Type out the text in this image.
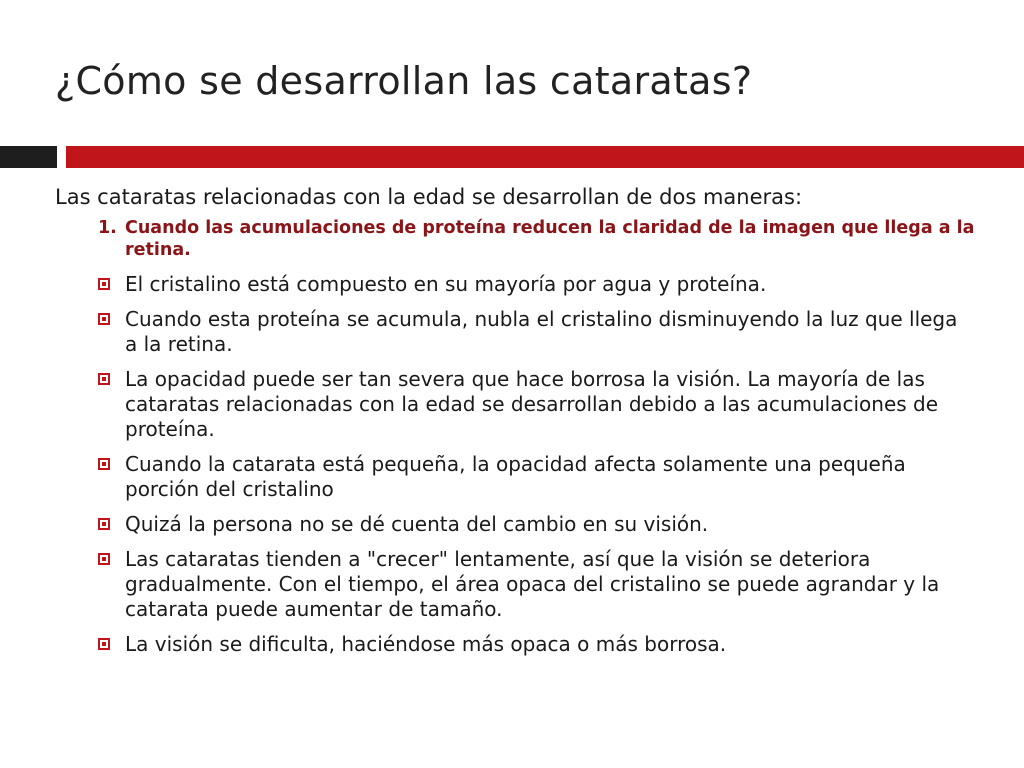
¿Cómo se desarrollan las cataratas?

Las cataratas relacionadas con la edad se desarrollan de dos maneras:

1. Cuando las acumulaciones de proteína reducen la claridad de la imagen que llega a la retina.
El cristalino está compuesto en su mayoría por agua y proteína.
Cuando esta proteína se acumula, nubla el cristalino disminuyendo la luz que llega a la retina.
La opacidad puede ser tan severa que hace borrosa la visión. La mayoría de las cataratas relacionadas con la edad se desarrollan debido a las acumulaciones de proteína.
Cuando la catarata está pequeña, la opacidad afecta solamente una pequeña porción del cristalino
Quizá la persona no se dé cuenta del cambio en su visión.
Las cataratas tienden a "crecer" lentamente, así que la visión se deteriora gradualmente. Con el tiempo, el área opaca del cristalino se puede agrandar y la catarata puede aumentar de tamaño.
La visión se dificulta, haciéndose más opaca o más borrosa.
